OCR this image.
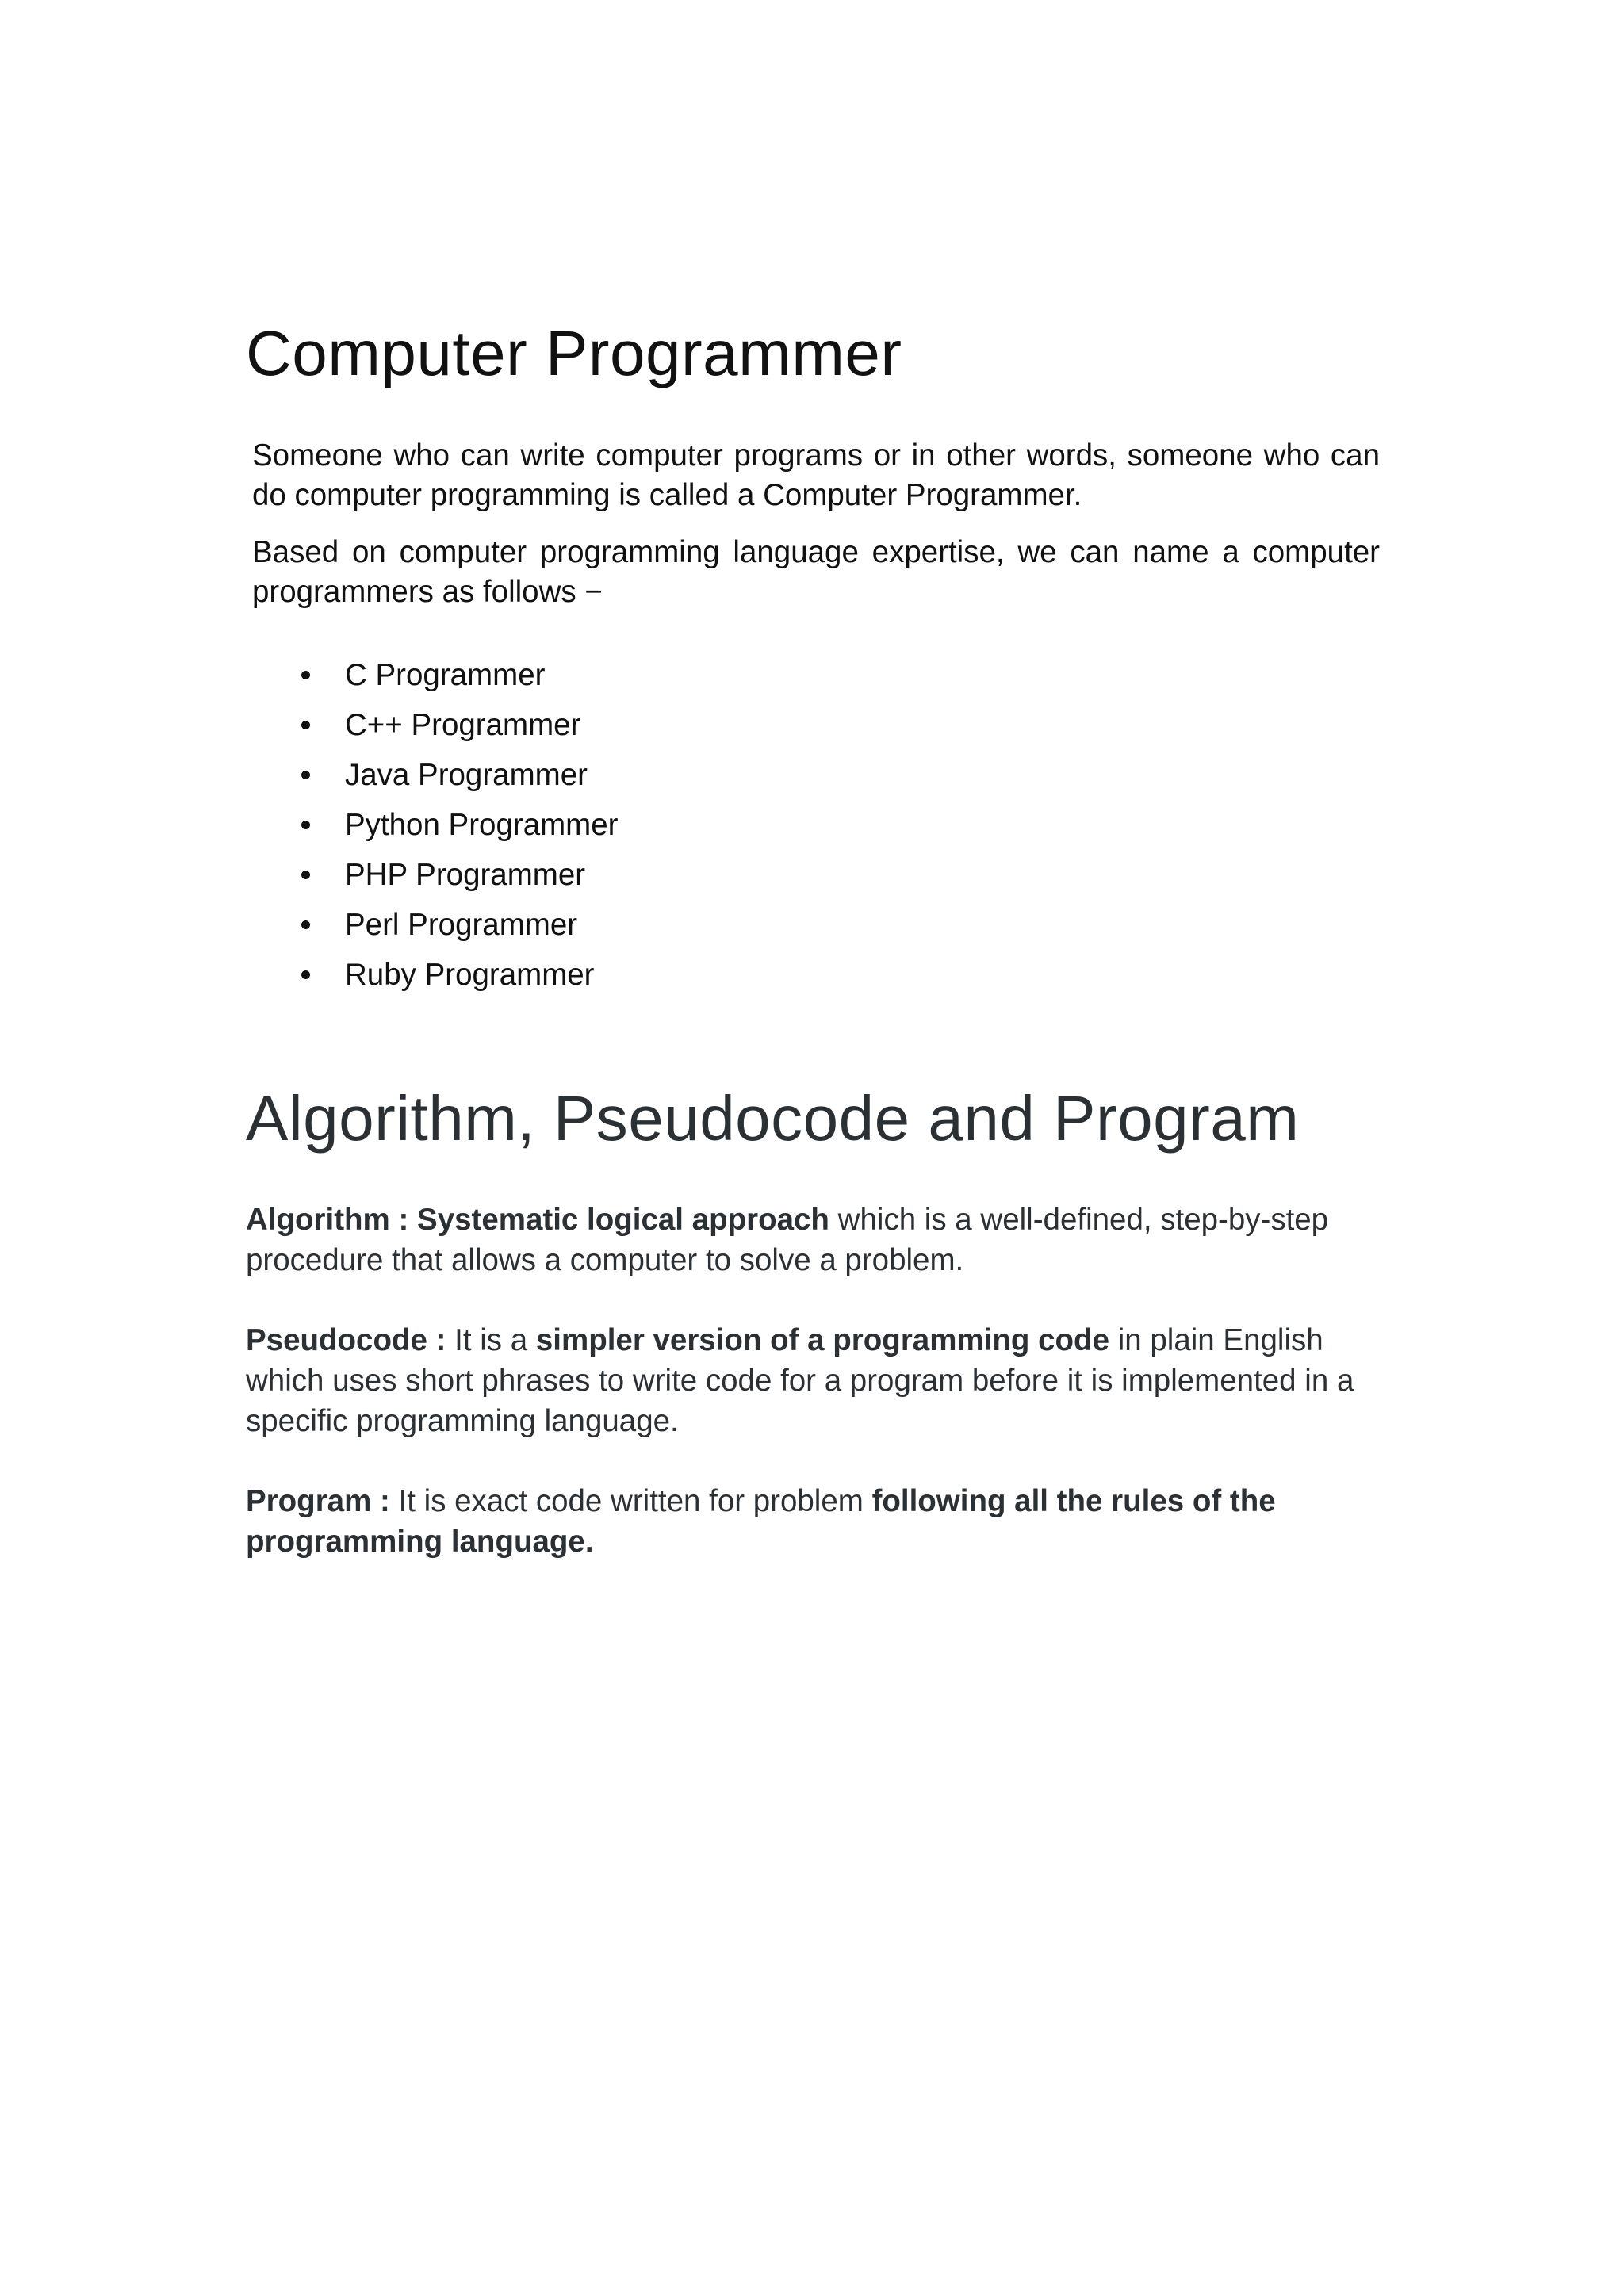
Computer Programmer

Someone who can write computer programs or in other words, someone who can do computer programming is called a Computer Programmer.

Based on computer programming language expertise, we can name a computer programmers as follows −

C Programmer
C++ Programmer
Java Programmer
Python Programmer
PHP Programmer
Perl Programmer
Ruby Programmer
Algorithm, Pseudocode and Program

Algorithm : Systematic logical approach which is a well-defined, step-by-step procedure that allows a computer to solve a problem.

Pseudocode : It is a simpler version of a programming code in plain English which uses short phrases to write code for a program before it is implemented in a specific programming language.

Program : It is exact code written for problem following all the rules of the programming language.
